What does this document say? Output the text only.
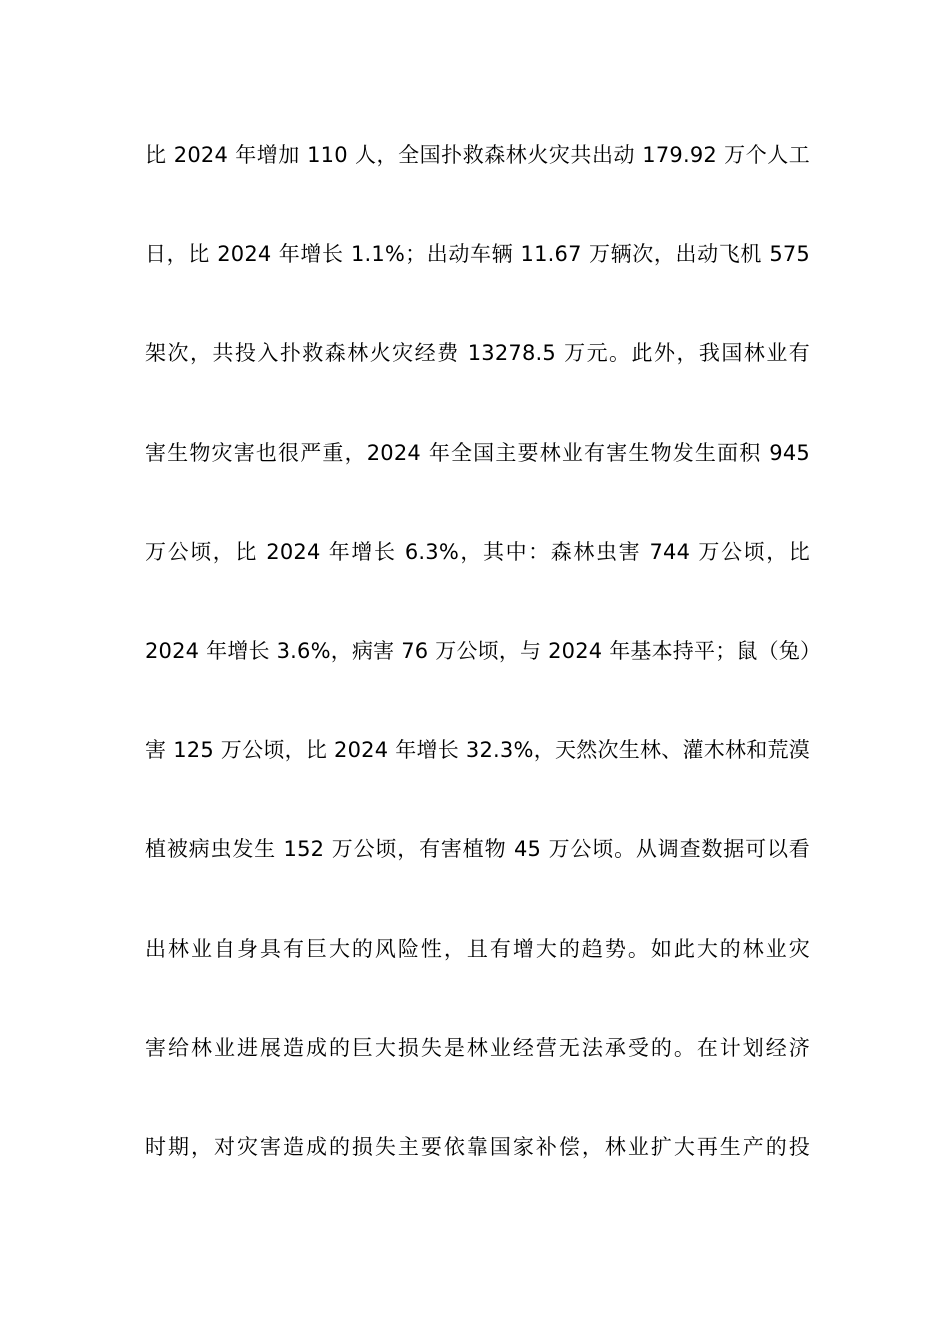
比 2024 年增加 110 人，全国扑救森林火灾共出动 179.92 万个人工
日，比 2024 年增长 1.1%；出动车辆 11.67 万辆次，出动飞机 575
架次，共投入扑救森林火灾经费 13278.5 万元。此外，我国林业有
害生物灾害也很严重，2024 年全国主要林业有害生物发生面积 945
万公顷，比 2024 年增长 6.3%，其中：森林虫害 744 万公顷，比
2024 年增长 3.6%，病害 76 万公顷，与 2024 年基本持平；鼠（兔）
害 125 万公顷，比 2024 年增长 32.3%，天然次生林、灌木林和荒漠
植被病虫发生 152 万公顷，有害植物 45 万公顷。从调查数据可以看
出林业自身具有巨大的风险性，且有增大的趋势。如此大的林业灾
害给林业进展造成的巨大损失是林业经营无法承受的。在计划经济
时期，对灾害造成的损失主要依靠国家补偿，林业扩大再生产的投
